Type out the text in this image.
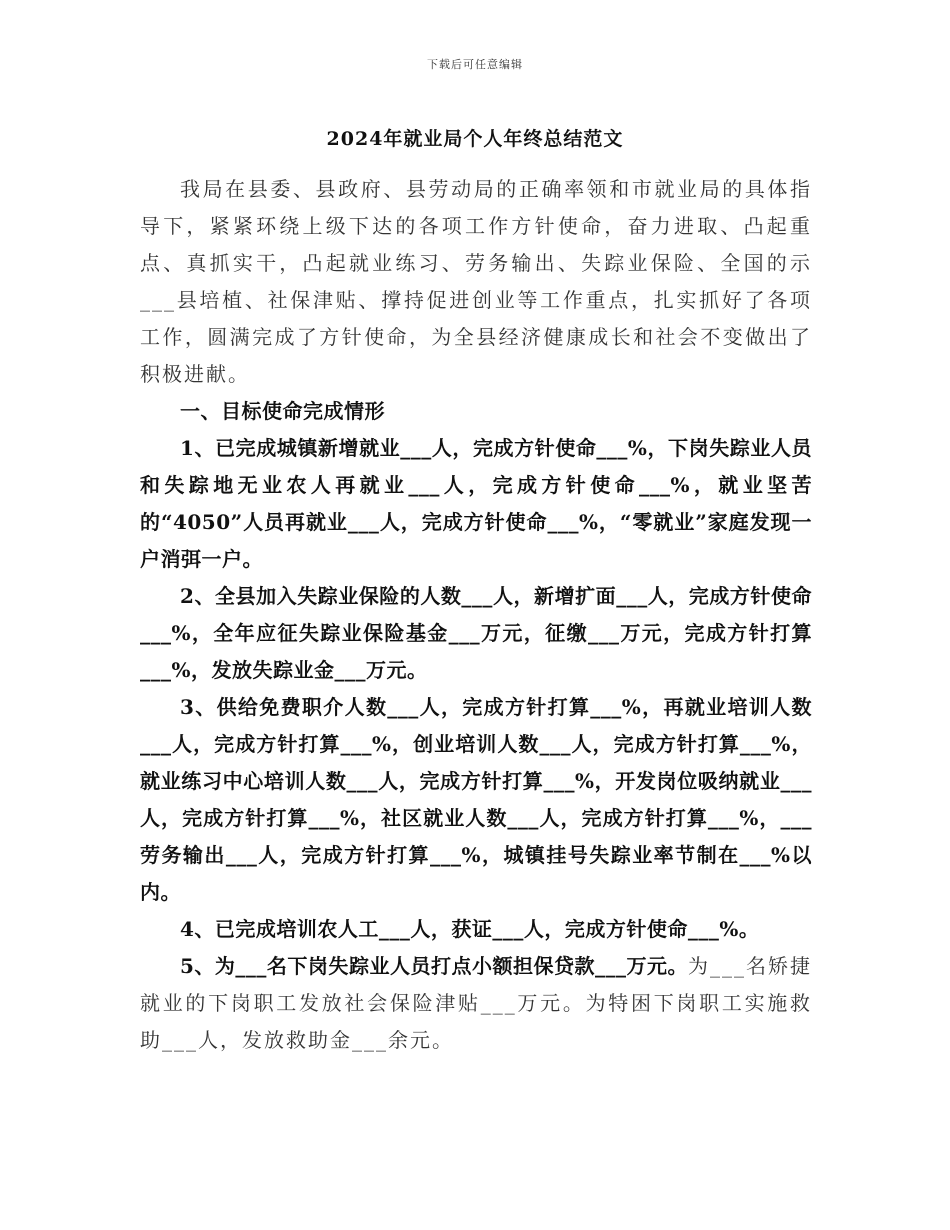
下载后可任意编辑
2024年就业局个人年终总结范文

我局在县委、县政府、县劳动局的正确率领和市就业局的具体指导下，紧紧环绕上级下达的各项工作方针使命，奋力进取、凸起重点、真抓实干，凸起就业练习、劳务输出、失踪业保险、全国的示___县培植、社保津贴、撑持促进创业等工作重点，扎实抓好了各项工作，圆满完成了方针使命，为全县经济健康成长和社会不变做出了积极进献。

一、目标使命完成情形

1、已完成城镇新增就业___人，完成方针使命___%，下岗失踪业人员和失踪地无业农人再就业___人，完成方针使命___%，就业坚苦的“4050”人员再就业___人，完成方针使命___%，“零就业”家庭发现一户消弭一户。

2、全县加入失踪业保险的人数___人，新增扩面___人，完成方针使命___%，全年应征失踪业保险基金___万元，征缴___万元，完成方针打算___%，发放失踪业金___万元。

3、供给免费职介人数___人，完成方针打算___%，再就业培训人数___人，完成方针打算___%，创业培训人数___人，完成方针打算___%，就业练习中心培训人数___人，完成方针打算___%，开发岗位吸纳就业___人，完成方针打算___%，社区就业人数___人，完成方针打算___%，___劳务输出___人，完成方针打算___%，城镇挂号失踪业率节制在___%以内。

4、已完成培训农人工___人，获证___人，完成方针使命___%。

5、为___名下岗失踪业人员打点小额担保贷款___万元。为___名矫捷就业的下岗职工发放社会保险津贴___万元。为特困下岗职工实施救助___人，发放救助金___余元。
